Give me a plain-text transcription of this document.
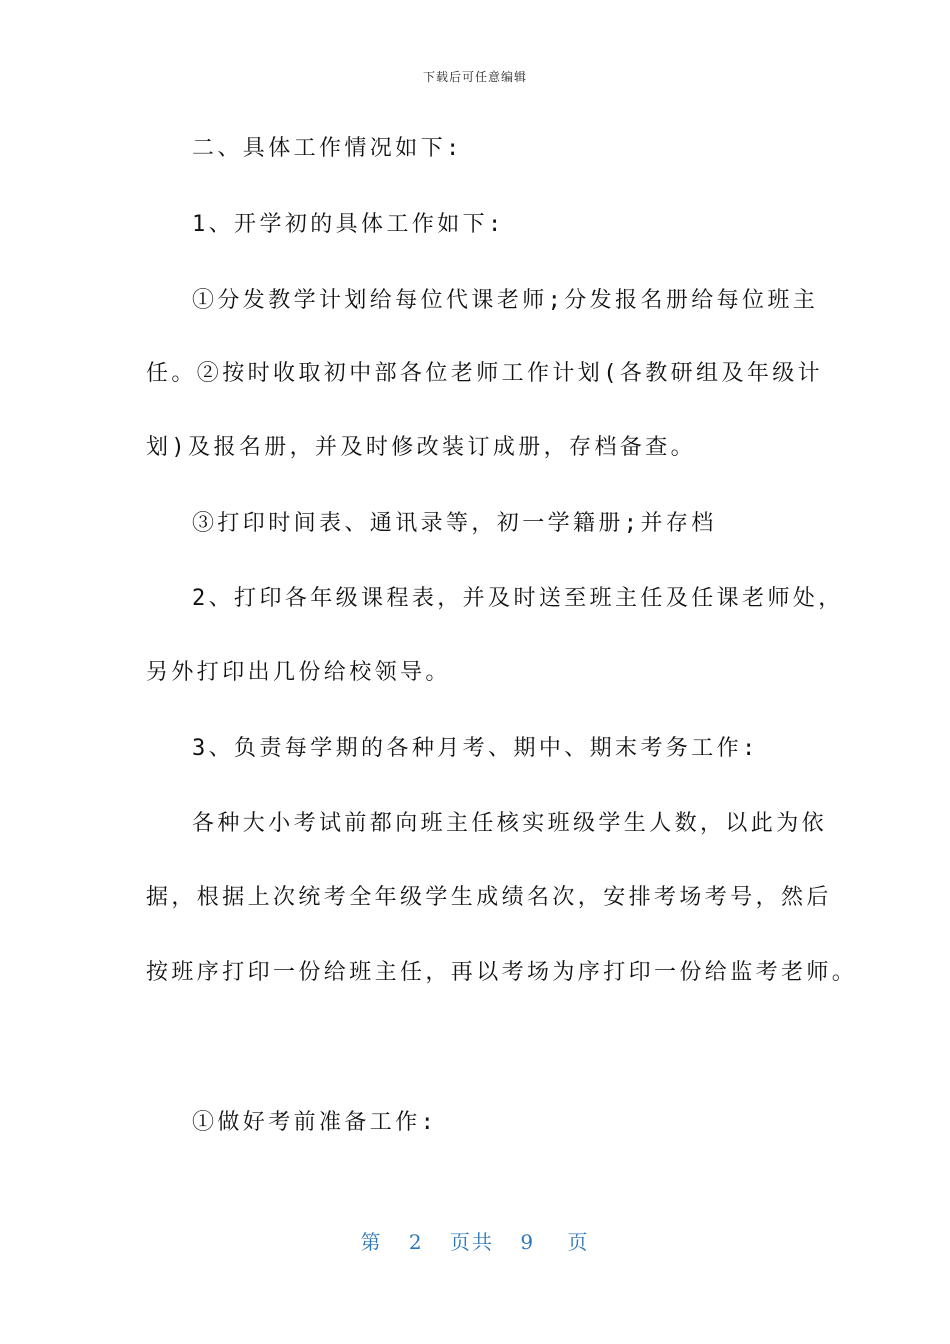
下载后可任意编辑
二、具体工作情况如下:
1、开学初的具体工作如下:
①分发教学计划给每位代课老师;分发报名册给每位班主
任。②按时收取初中部各位老师工作计划(各教研组及年级计
划)及报名册，并及时修改装订成册，存档备查。
③打印时间表、通讯录等，初一学籍册;并存档
2、打印各年级课程表，并及时送至班主任及任课老师处，
另外打印出几份给校领导。
3、负责每学期的各种月考、期中、期末考务工作:
各种大小考试前都向班主任核实班级学生人数，以此为依
据，根据上次统考全年级学生成绩名次，安排考场考号，然后
按班序打印一份给班主任，再以考场为序打印一份给监考老师。
①做好考前准备工作:
第 2 页共 9 页
